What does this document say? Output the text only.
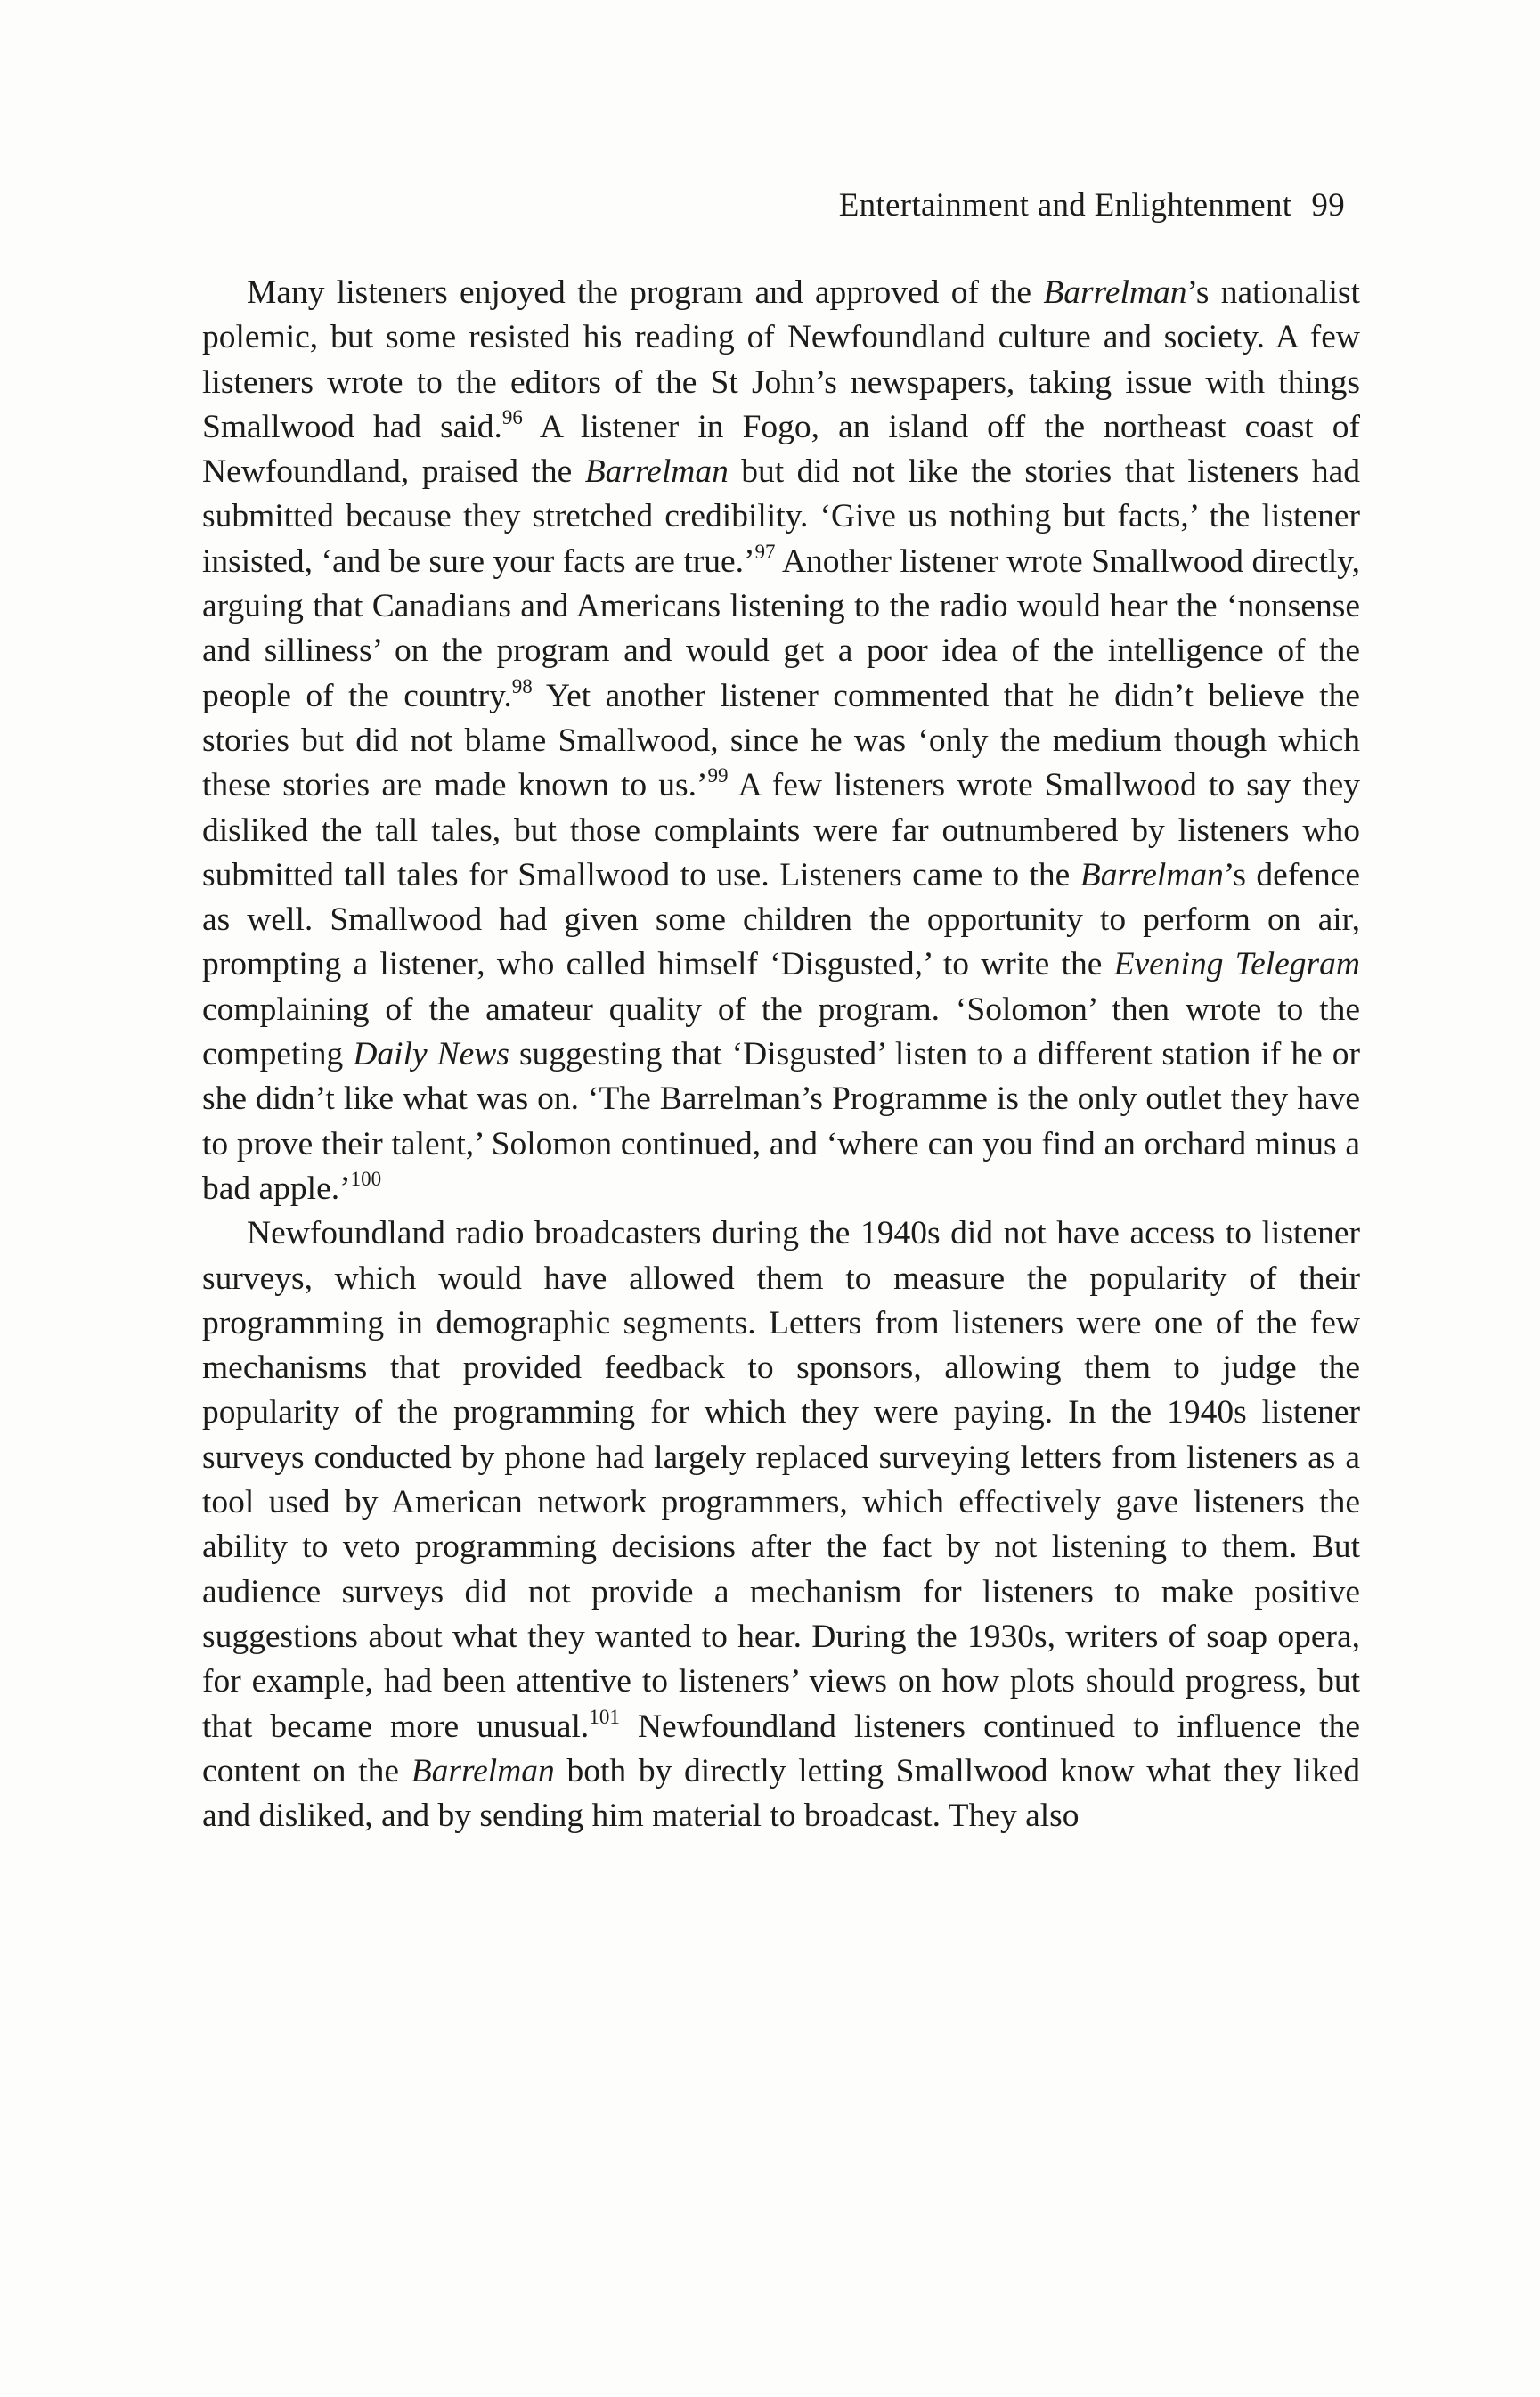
Entertainment and Enlightenment 99

Many listeners enjoyed the program and approved of the Barrelman’s nationalist polemic, but some resisted his reading of Newfoundland culture and society. A few listeners wrote to the editors of the St John’s newspapers, taking issue with things Smallwood had said.$^{96}$ A listener in Fogo, an island off the northeast coast of Newfoundland, praised the Barrelman but did not like the stories that listeners had submitted because they stretched credibility. ‘Give us nothing but facts,’ the listener insisted, ‘and be sure your facts are true.’$^{97}$ Another listener wrote Smallwood directly, arguing that Canadians and Americans listening to the radio would hear the ‘nonsense and silliness’ on the program and would get a poor idea of the intelligence of the people of the country.$^{98}$ Yet another listener commented that he didn’t believe the stories but did not blame Smallwood, since he was ‘only the medium though which these stories are made known to us.’$^{99}$ A few listeners wrote Smallwood to say they disliked the tall tales, but those complaints were far outnumbered by listeners who submitted tall tales for Smallwood to use. Listeners came to the Barrelman’s defence as well. Smallwood had given some children the opportunity to perform on air, prompting a listener, who called himself ‘Disgusted,’ to write the Evening Telegram complaining of the amateur quality of the program. ‘Solomon’ then wrote to the competing Daily News suggesting that ‘Disgusted’ listen to a different station if he or she didn’t like what was on. ‘The Barrelman’s Programme is the only outlet they have to prove their talent,’ Solomon continued, and ‘where can you find an orchard minus a bad apple.’$^{100}$

Newfoundland radio broadcasters during the 1940s did not have access to listener surveys, which would have allowed them to measure the popularity of their programming in demographic segments. Letters from listeners were one of the few mechanisms that provided feedback to sponsors, allowing them to judge the popularity of the programming for which they were paying. In the 1940s listener surveys conducted by phone had largely replaced surveying letters from listeners as a tool used by American network programmers, which effectively gave listeners the ability to veto programming decisions after the fact by not listening to them. But audience surveys did not provide a mechanism for listeners to make positive suggestions about what they wanted to hear. During the 1930s, writers of soap opera, for example, had been attentive to listeners’ views on how plots should progress, but that became more unusual.$^{101}$ Newfoundland listeners continued to influence the content on the Barrelman both by directly letting Smallwood know what they liked and disliked, and by sending him material to broadcast. They also
